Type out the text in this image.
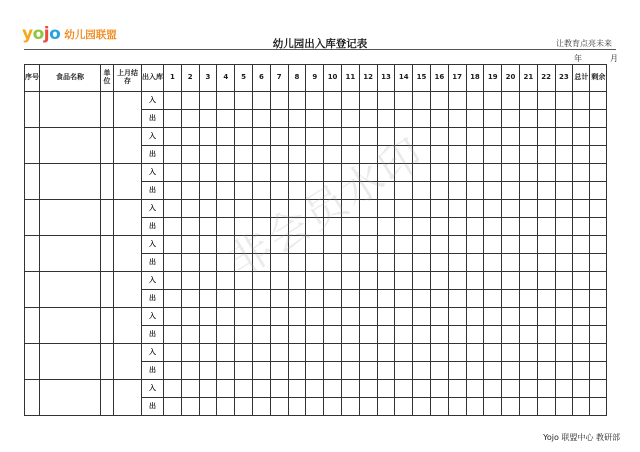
yojo 幼儿园联盟
幼儿园出入库登记表	让教育点亮未来
年	月
序号	食品名称	单位	上月结存	出入库	1	2	3	4	5	6	7	8	9	10	11	12	13	14	15	16	17	18	19	20	21	22	23	总计	剩余
				入																									
				出																									
				入																									
				出																									
				入																									
				出																									
				入																									
				出																									
				入																									
				出																									
				入																									
				出																									
				入																									
				出																									
				入																									
				出																									
				入																									
				出																									
非会员水印
Yojo 联盟中心 教研部
